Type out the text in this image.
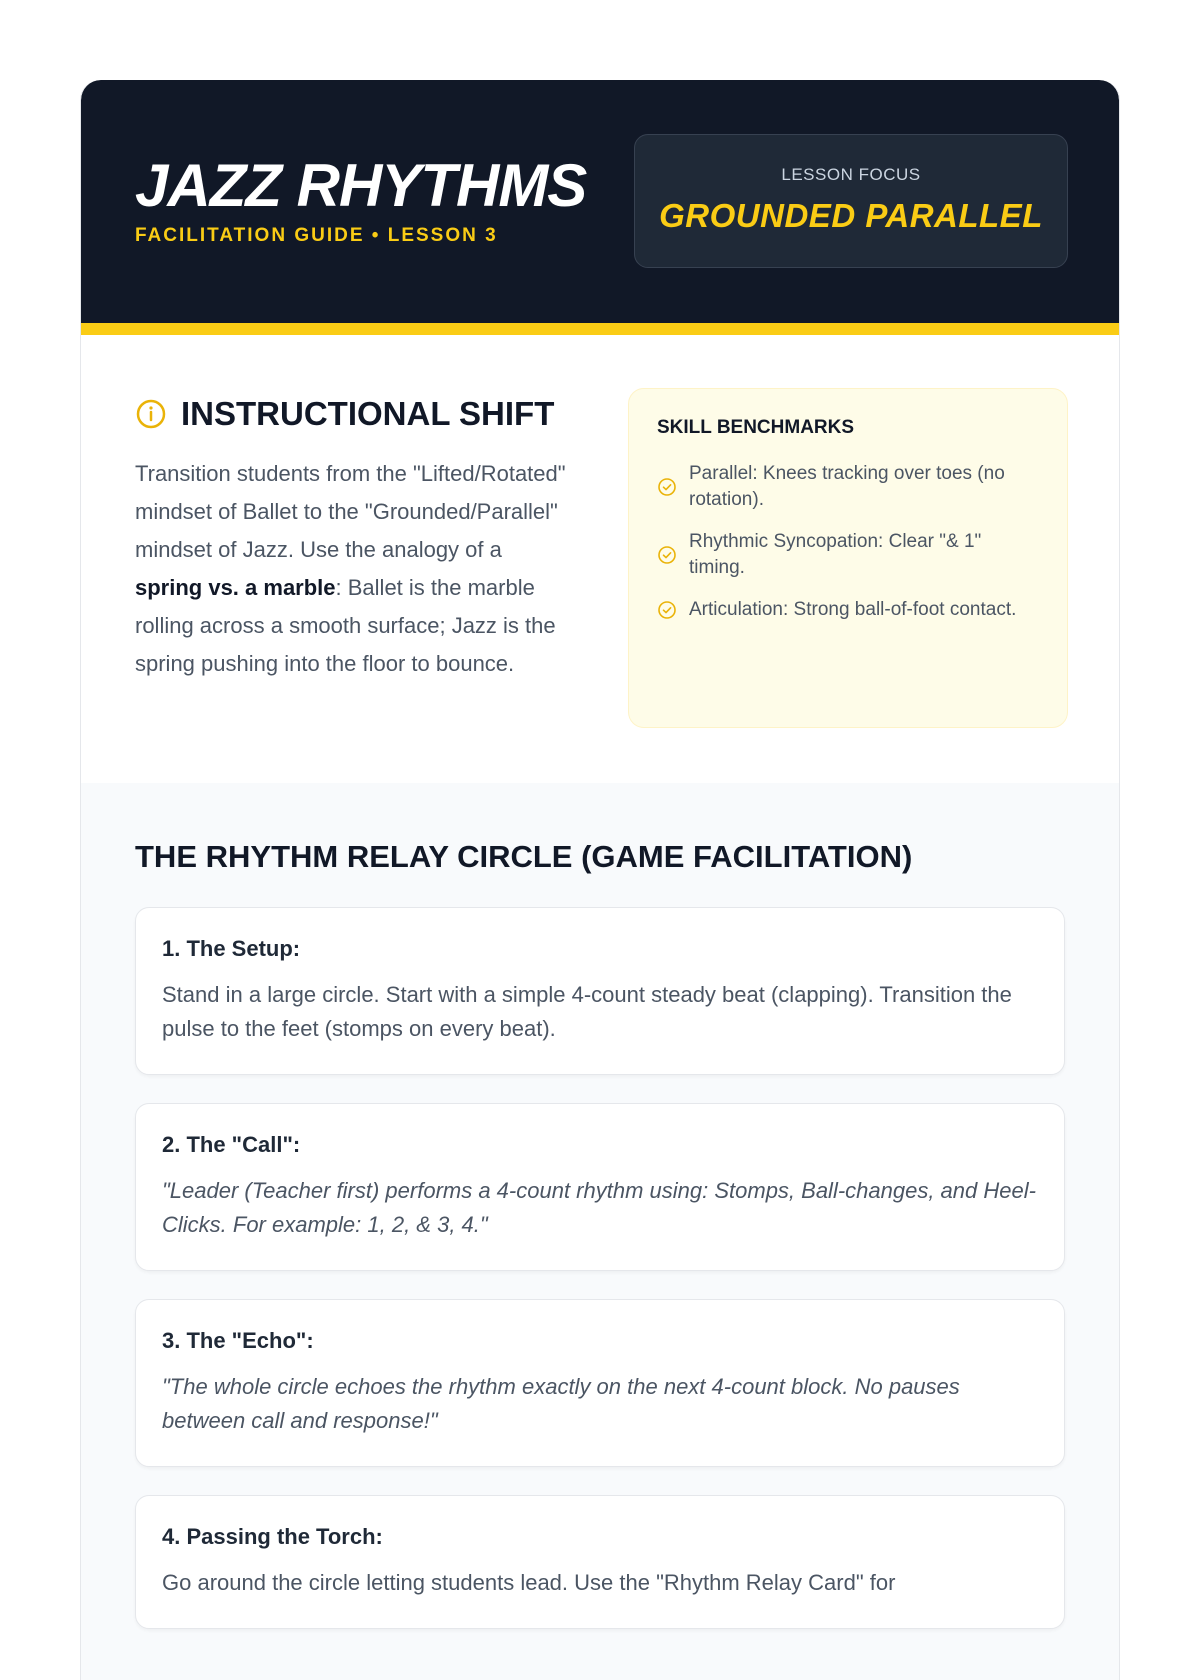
JAZZ RHYTHMS
FACILITATION GUIDE • LESSON 3
LESSON FOCUS
GROUNDED PARALLEL
INSTRUCTIONAL SHIFT
Transition students from the "Lifted/Rotated" mindset of Ballet to the "Grounded/Parallel" mindset of Jazz. Use the analogy of a spring vs. a marble: Ballet is the marble rolling across a smooth surface; Jazz is the spring pushing into the floor to bounce.
SKILL BENCHMARKS
Parallel: Knees tracking over toes (no rotation).
Rhythmic Syncopation: Clear "& 1" timing.
Articulation: Strong ball-of-foot contact.
THE RHYTHM RELAY CIRCLE (GAME FACILITATION)
1. The Setup:
Stand in a large circle. Start with a simple 4-count steady beat (clapping). Transition the pulse to the feet (stomps on every beat).
2. The "Call":
"Leader (Teacher first) performs a 4-count rhythm using: Stomps, Ball-changes, and Heel-Clicks. For example: 1, 2, & 3, 4."
3. The "Echo":
"The whole circle echoes the rhythm exactly on the next 4-count block. No pauses between call and response!"
4. Passing the Torch:
Go around the circle letting students lead. Use the "Rhythm Relay Card" for
